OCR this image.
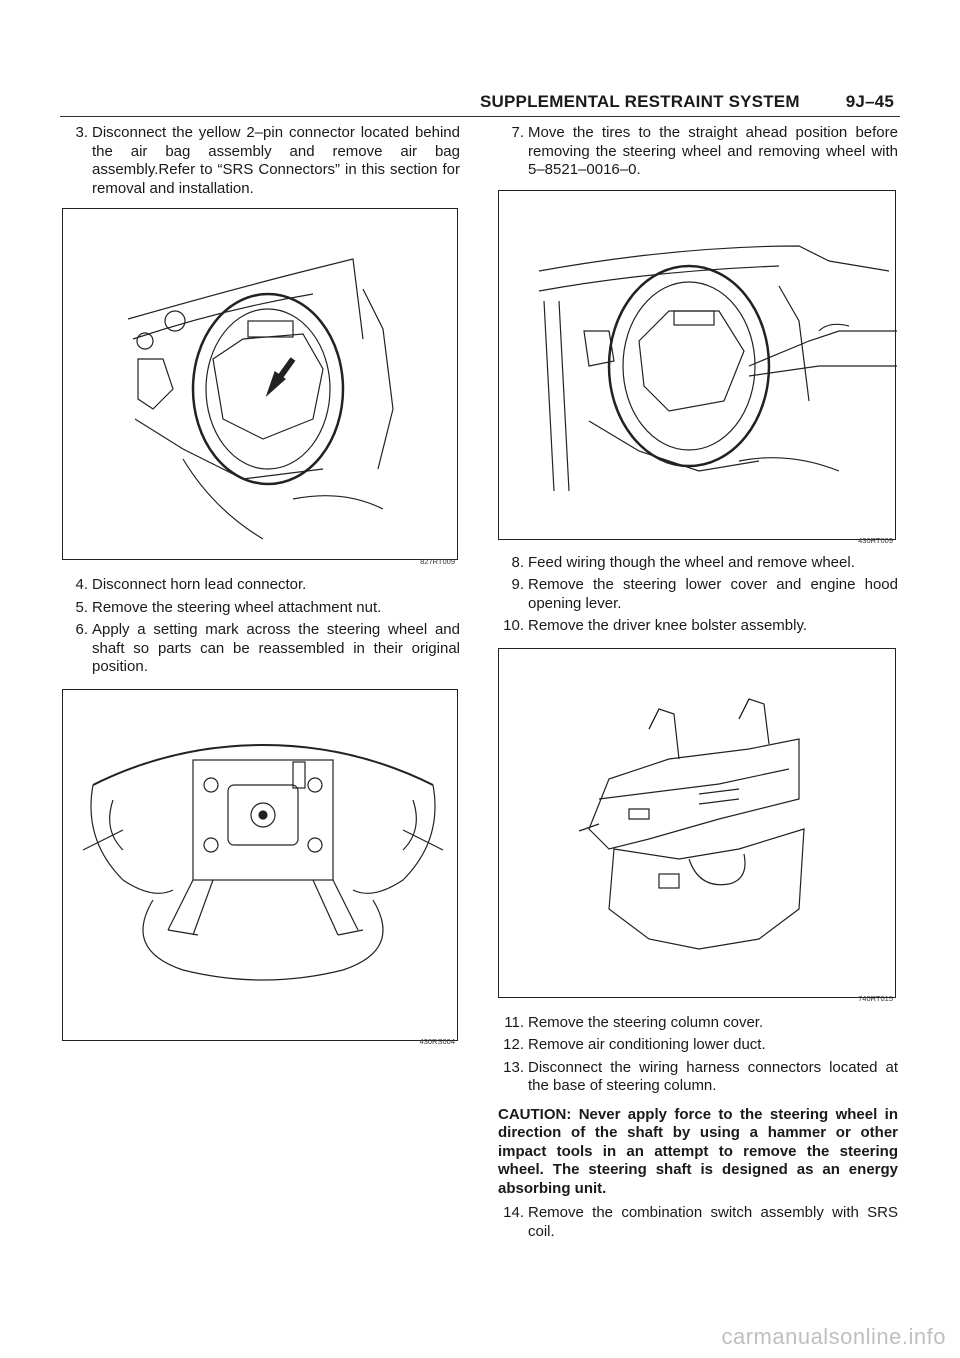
SUPPLEMENTAL RESTRAINT SYSTEM	9J–45
3. Disconnect the yellow 2–pin connector located behind the air bag assembly and remove air bag assembly.Refer to “SRS Connectors” in this section for removal and installation.
827RT009
4. Disconnect horn lead connector.
5. Remove the steering wheel attachment nut.
6. Apply a setting mark across the steering wheel and shaft so parts can be reassembled in their original position.
430RS004
7. Move the tires to the straight ahead position before removing the steering wheel and removing wheel with 5–8521–0016–0.
430RT009
8. Feed wiring though the wheel and remove wheel.
9. Remove the steering lower cover and engine hood opening lever.
10. Remove the driver knee bolster assembly.
740RT015
11. Remove the steering column cover.
12. Remove air conditioning lower duct.
13. Disconnect the wiring harness connectors located at the base of steering column.
CAUTION: Never apply force to the steering wheel in direction of the shaft by using a hammer or other impact tools in an attempt to remove the steering wheel. The steering shaft is designed as an energy absorbing unit.
14. Remove the combination switch assembly with SRS coil.
carmanualsonline.info
